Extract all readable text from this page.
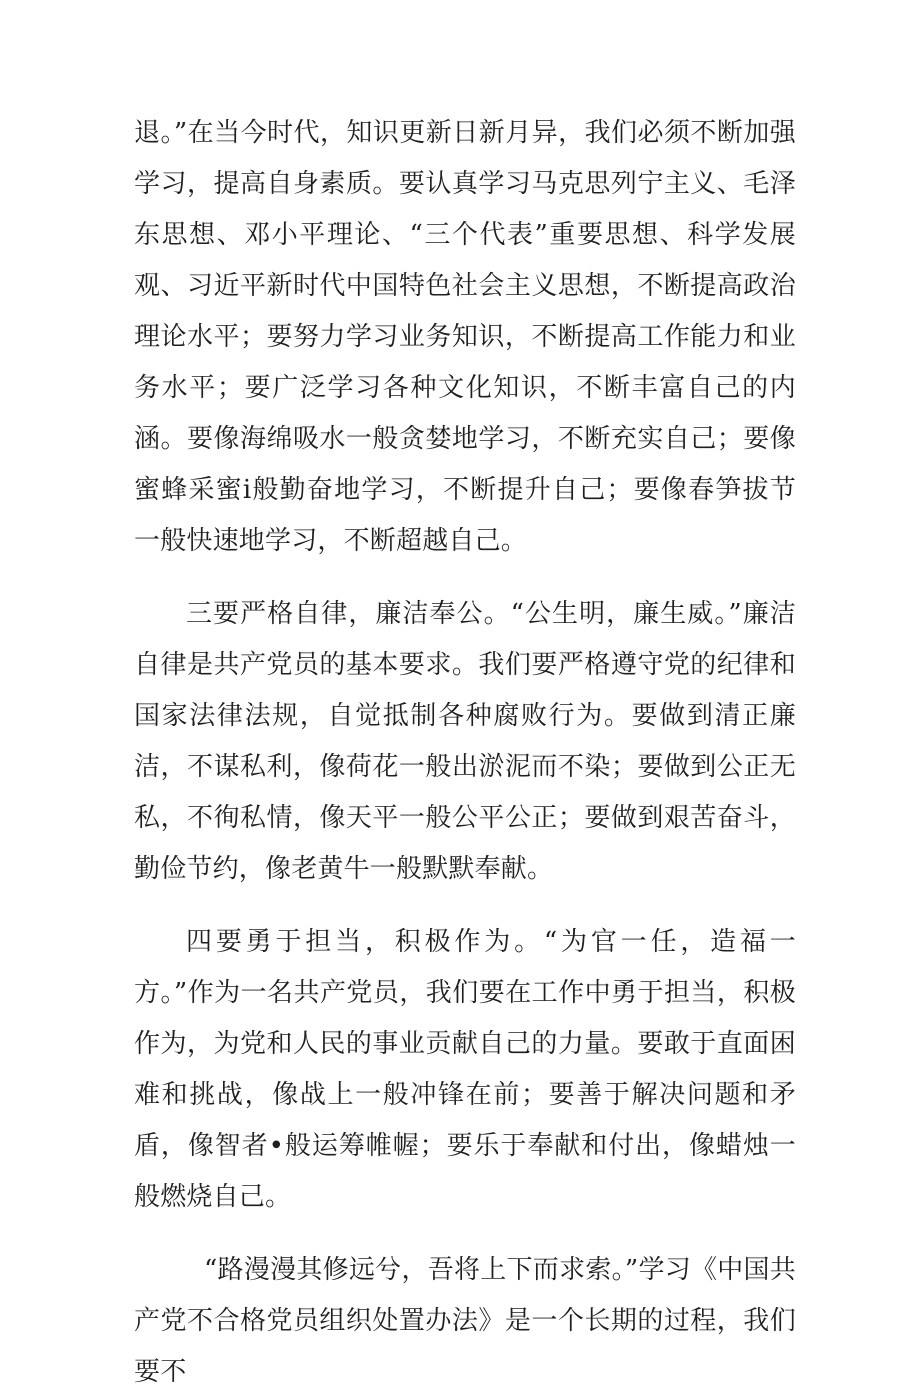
退。”在当今时代，知识更新日新月异，我们必须不断加强学习，提高自身素质。要认真学习马克思列宁主义、毛泽东思想、邓小平理论、“三个代表”重要思想、科学发展观、习近平新时代中国特色社会主义思想，不断提高政治理论水平；要努力学习业务知识，不断提高工作能力和业务水平；要广泛学习各种文化知识，不断丰富自己的内涵。要像海绵吸水一般贪婪地学习，不断充实自己；要像蜜蜂采蜜i般勤奋地学习，不断提升自己；要像春笋拔节一般快速地学习，不断超越自己。

三要严格自律，廉洁奉公。“公生明，廉生威。”廉洁自律是共产党员的基本要求。我们要严格遵守党的纪律和国家法律法规，自觉抵制各种腐败行为。要做到清正廉洁，不谋私利，像荷花一般出淤泥而不染；要做到公正无私，不徇私情，像天平一般公平公正；要做到艰苦奋斗，勤俭节约，像老黄牛一般默默奉献。

四要勇于担当，积极作为。“为官一任，造福一方。”作为一名共产党员，我们要在工作中勇于担当，积极作为，为党和人民的事业贡献自己的力量。要敢于直面困难和挑战，像战上一般冲锋在前；要善于解决问题和矛盾，像智者•般运筹帷幄；要乐于奉献和付出，像蜡烛一般燃烧自己。

“路漫漫其修远兮，吾将上下而求索。”学习《中国共产党不合格党员组织处置办法》是一个长期的过程，我们要不
